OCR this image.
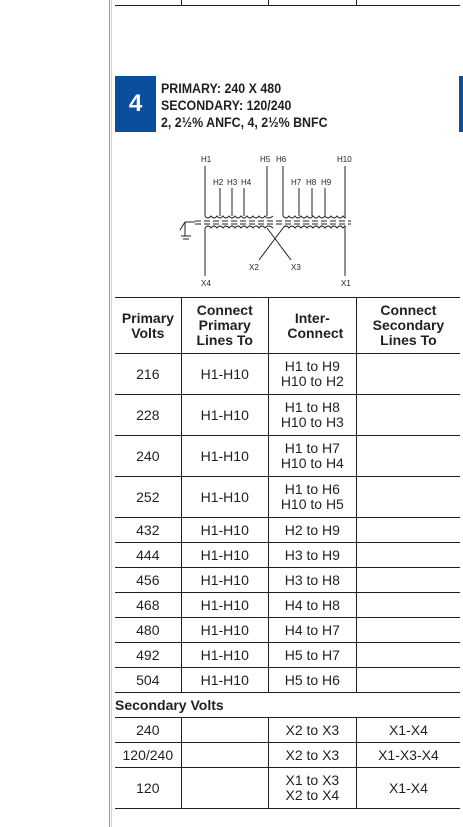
4
PRIMARY: 240 X 480
SECONDARY: 120/240
2, 2½% ANFC, 4, 2½% BNFC
H1	H5 H6	H10
H2 H3 H4	H7 H8 H9
X4
X2	X3
X1
Primary Volts	Connect Primary Lines To	Inter-Connect	Connect Secondary Lines To
216	H1-H10	H1 to H9
H10 to H2	

228	H1-H10	H1 to H8
H10 to H3	

240	H1-H10	H1 to H7
H10 to H4	

252	H1-H10	H1 to H6
H10 to H5	

432	H1-H10	H2 to H9	
444	H1-H10	H3 to H9	
456	H1-H10	H3 to H8	
468	H1-H10	H4 to H8	
480	H1-H10	H4 to H7	
492	H1-H10	H5 to H7	
504	H1-H10	H5 to H6	
Secondary Volts			
240		X2 to X3	X1-X4
120/240		X2 to X3	X1-X3-X4
120		X1 to X3
X2 to X4	X1-X4
